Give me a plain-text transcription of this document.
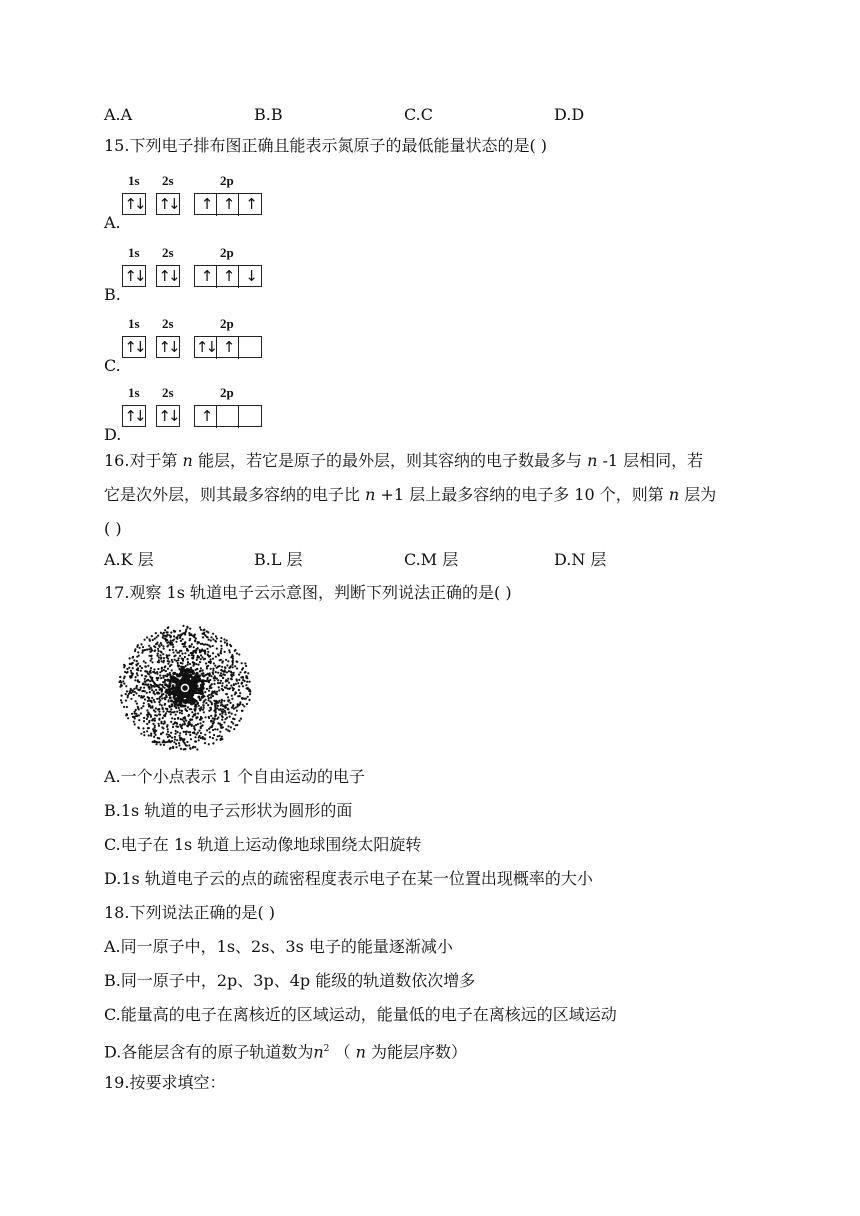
A.A	B.B	C.C	D.D
15.下列电子排布图正确且能表示氮原子的最低能量状态的是( )
1s 2s	2p
↑↓ ↑↓	↑ ↑ ↑
1s 2s	2p
↑↓ ↑↓	↑ ↑ ↓
1s 2s	2p
↑↓ ↑↓ ↑↓ ↑
1s 2s	2p
↑↓ ↑↓	↑
16.对于第 n 能层，若它是原子的最外层，则其容纳的电子数最多与 n -1 层相同，若
它是次外层，则其最多容纳的电子比 n +1 层上最多容纳的电子多 10 个，则第 n 层为
( )
A.K 层	B.L 层	C.M 层	D.N 层
17.观察 1s 轨道电子云示意图，判断下列说法正确的是( )
A.一个小点表示 1 个自由运动的电子
B.1s 轨道的电子云形状为圆形的面
C.电子在 1s 轨道上运动像地球围绕太阳旋转
D.1s 轨道电子云的点的疏密程度表示电子在某一位置出现概率的大小
18.下列说法正确的是( )
A.同一原子中，1s、2s、3s 电子的能量逐渐减小
B.同一原子中，2p、3p、4p 能级的轨道数依次增多
C.能量高的电子在离核近的区域运动，能量低的电子在离核远的区域运动
D.各能层含有的原子轨道数为$n^2$ （ n 为能层序数）
19.按要求填空：
A.
B.
C.
D.
